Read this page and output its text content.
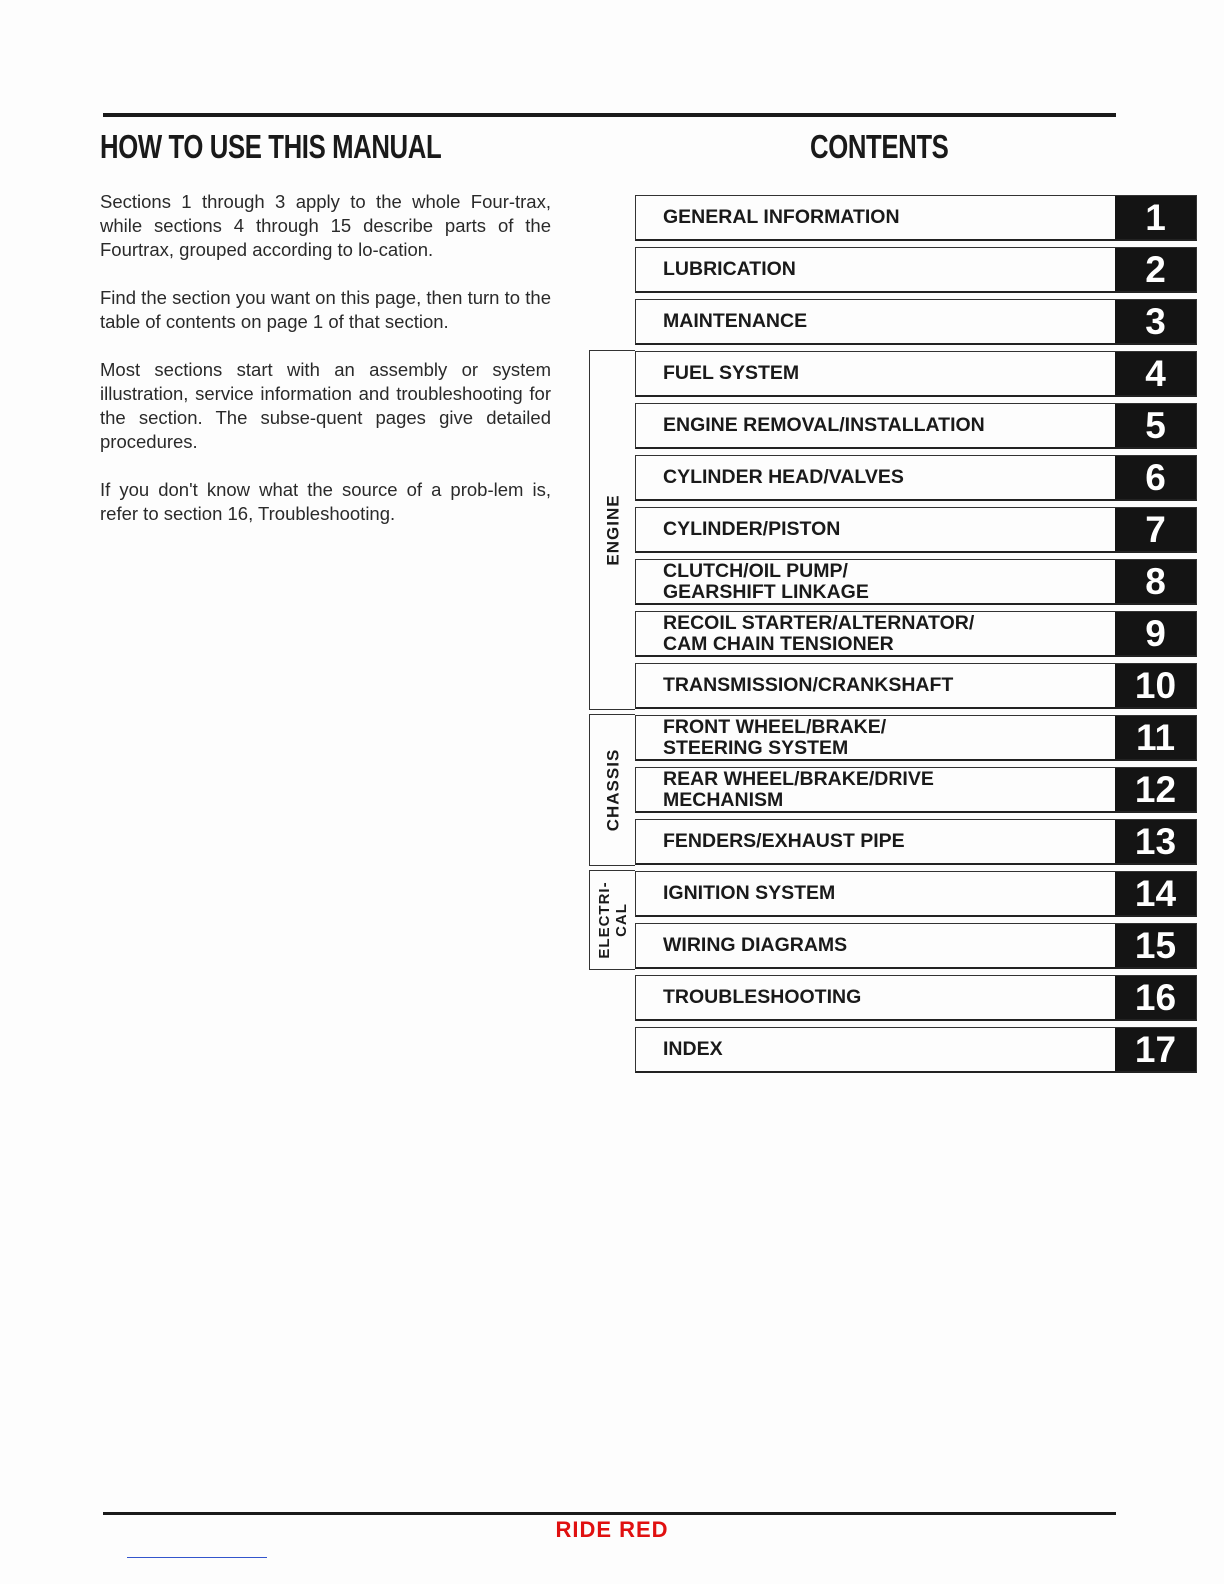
HOW TO USE THIS MANUAL	CONTENTS

Sections 1 through 3 apply to the whole Four-trax, while sections 4 through 15 describe parts of the Fourtrax, grouped according to lo-cation.

Find the section you want on this page, then turn to the table of contents on page 1 of that section.

Most sections start with an assembly or system illustration, service information and troubleshooting for the section. The subse-quent pages give detailed procedures.

If you don't know what the source of a prob-lem is, refer to section 16, Troubleshooting.	ENGINE
CHASSIS
ELECTRI-
CAL
GENERAL INFORMATION	1
LUBRICATION	2
MAINTENANCE	3
FUEL SYSTEM	4
ENGINE REMOVAL/INSTALLATION	5
CYLINDER HEAD/VALVES	6
CYLINDER/PISTON	7
CLUTCH/OIL PUMP/
GEARSHIFT LINKAGE	8
RECOIL STARTER/ALTERNATOR/
CAM CHAIN TENSIONER	9
TRANSMISSION/CRANKSHAFT	10
FRONT WHEEL/BRAKE/
STEERING SYSTEM	11
REAR WHEEL/BRAKE/DRIVE
MECHANISM	12
FENDERS/EXHAUST PIPE	13
IGNITION SYSTEM	14
WIRING DIAGRAMS	15
TROUBLESHOOTING	16
INDEX	17
RIDE RED
